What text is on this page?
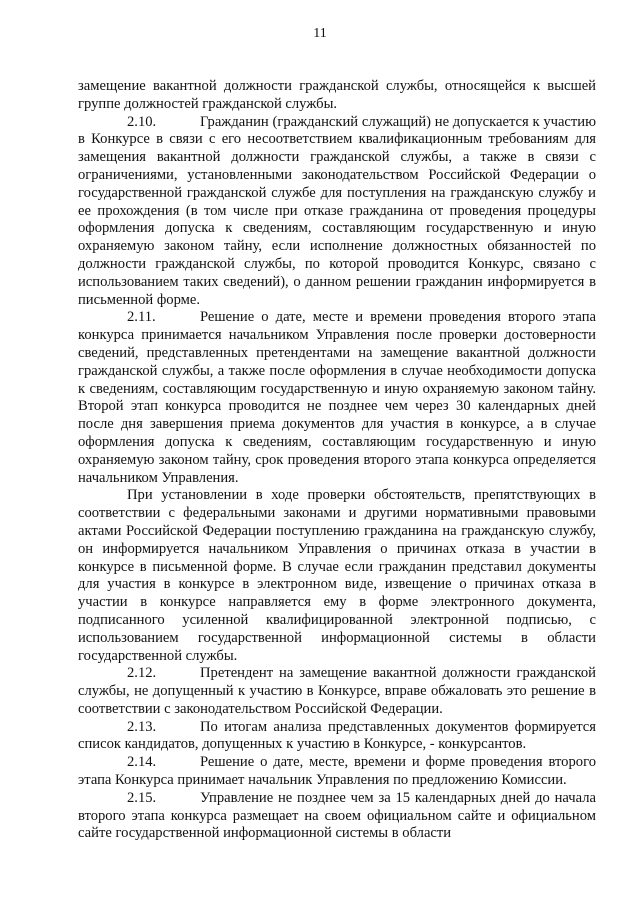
11

замещение вакантной должности гражданской службы, относящейся к высшей группе должностей гражданской службы.

2.10.	Гражданин (гражданский служащий) не допускается к участию в Конкурсе в связи с его несоответствием квалификационным требованиям для замещения вакантной должности гражданской службы, а также в связи с ограничениями, установленными законодательством Российской Федерации о государственной гражданской службе для поступления на гражданскую службу и ее прохождения (в том числе при отказе гражданина от проведения процедуры оформления допуска к сведениям, составляющим государственную и иную охраняемую законом тайну, если исполнение должностных обязанностей по должности гражданской службы, по которой проводится Конкурс, связано с использованием таких сведений), о данном решении гражданин информируется в письменной форме.

2.11.	Решение о дате, месте и времени проведения второго этапа конкурса принимается начальником Управления после проверки достоверности сведений, представленных претендентами на замещение вакантной должности гражданской службы, а также после оформления в случае необходимости допуска к сведениям, составляющим государственную и иную охраняемую законом тайну. Второй этап конкурса проводится не позднее чем через 30 календарных дней после дня завершения приема документов для участия в конкурсе, а в случае оформления допуска к сведениям, составляющим государственную и иную охраняемую законом тайну, срок проведения второго этапа конкурса определяется начальником Управления.

При установлении в ходе проверки обстоятельств, препятствующих в соответствии с федеральными законами и другими нормативными правовыми актами Российской Федерации поступлению гражданина на гражданскую службу, он информируется начальником Управления о причинах отказа в участии в конкурсе в письменной форме. В случае если гражданин представил документы для участия в конкурсе в электронном виде, извещение о причинах отказа в участии в конкурсе направляется ему в форме электронного документа, подписанного усиленной квалифицированной электронной подписью, с использованием государственной информационной системы в области государственной службы.

2.12.	Претендент на замещение вакантной должности гражданской службы, не допущенный к участию в Конкурсе, вправе обжаловать это решение в соответствии с законодательством Российской Федерации.

2.13.	По итогам анализа представленных документов формируется список кандидатов, допущенных к участию в Конкурсе, - конкурсантов.

2.14.	Решение о дате, месте, времени и форме проведения второго этапа Конкурса принимает начальник Управления по предложению Комиссии.

2.15.	Управление не позднее чем за 15 календарных дней до начала второго этапа конкурса размещает на своем официальном сайте и официальном сайте государственной информационной системы в области
